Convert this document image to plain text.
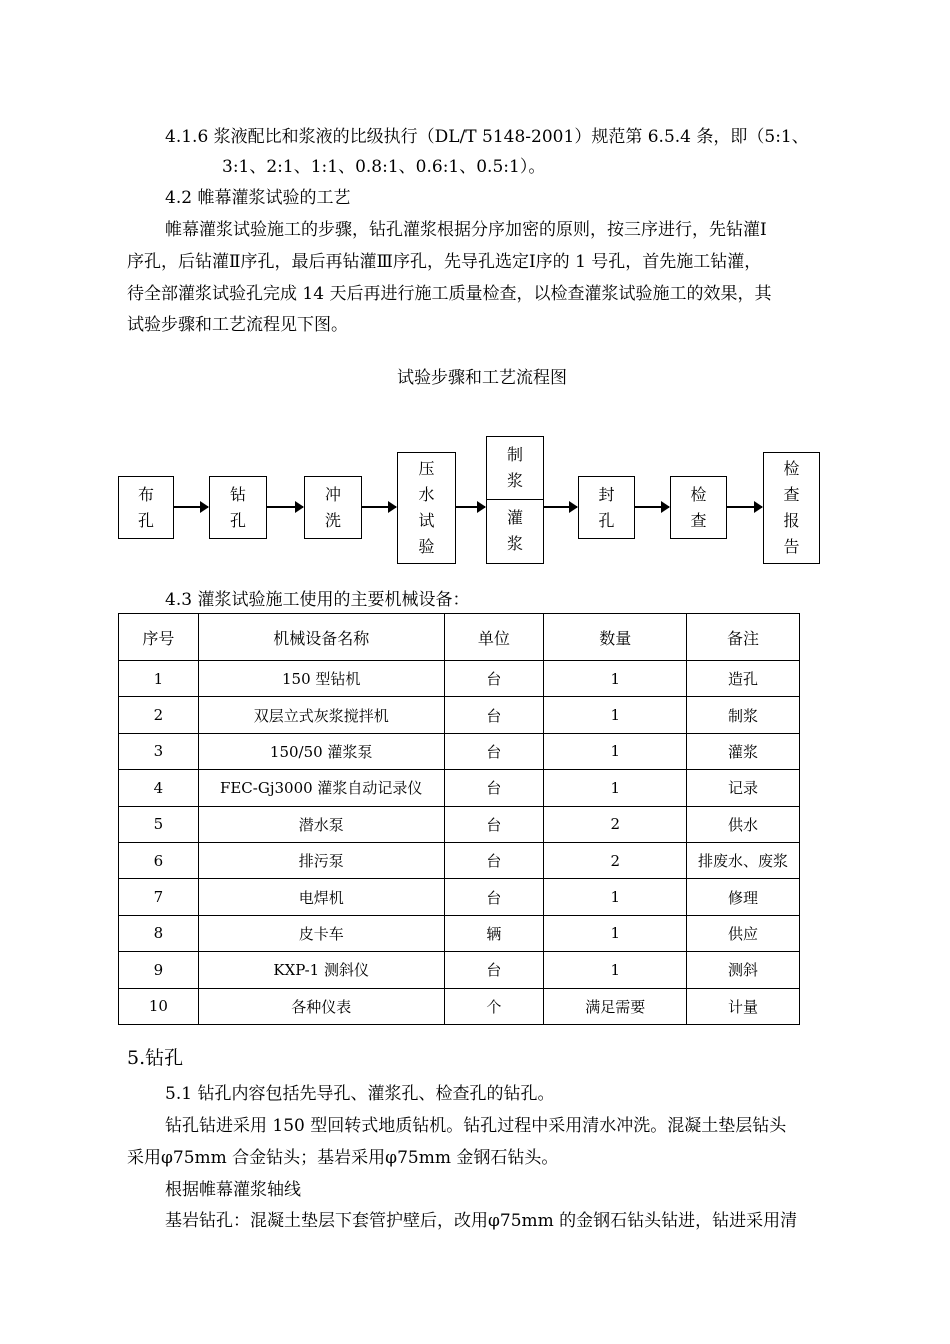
4.1.6 浆液配比和浆液的比级执行（DL/T 5148-2001）规范第 6.5.4 条，即（5:1、
3:1、2:1、1:1、0.8:1、0.6:1、0.5:1）。
4.2 帷幕灌浆试验的工艺
帷幕灌浆试验施工的步骤，钻孔灌浆根据分序加密的原则，按三序进行，先钻灌Ⅰ
序孔，后钻灌Ⅱ序孔，最后再钻灌Ⅲ序孔，先导孔选定Ⅰ序的 1 号孔，首先施工钻灌，
待全部灌浆试验孔完成 14 天后再进行施工质量检查，以检查灌浆试验施工的效果，其
试验步骤和工艺流程见下图。
试验步骤和工艺流程图
布孔
钻孔
冲洗
压水试验
制浆
灌浆
封孔
检查
检查报告
4.3 灌浆试验施工使用的主要机械设备：
序号	机械设备名称	单位	数量	备注
1	150 型钻机	台	1	造孔
2	双层立式灰浆搅拌机	台	1	制浆
3	150/50 灌浆泵	台	1	灌浆
4	FEC-Gj3000 灌浆自动记录仪	台	1	记录
5	潜水泵	台	2	供水
6	排污泵	台	2	排废水、废浆
7	电焊机	台	1	修理
8	皮卡车	辆	1	供应
9	KXP-1 测斜仪	台	1	测斜
10	各种仪表	个	满足需要	计量
5.钻孔
5.1 钻孔内容包括先导孔、灌浆孔、检查孔的钻孔。
钻孔钻进采用 150 型回转式地质钻机。钻孔过程中采用清水冲洗。混凝土垫层钻头
采用φ75mm 合金钻头；基岩采用φ75mm 金钢石钻头。
根据帷幕灌浆轴线
基岩钻孔：混凝土垫层下套管护壁后，改用φ75mm 的金钢石钻头钻进，钻进采用清
